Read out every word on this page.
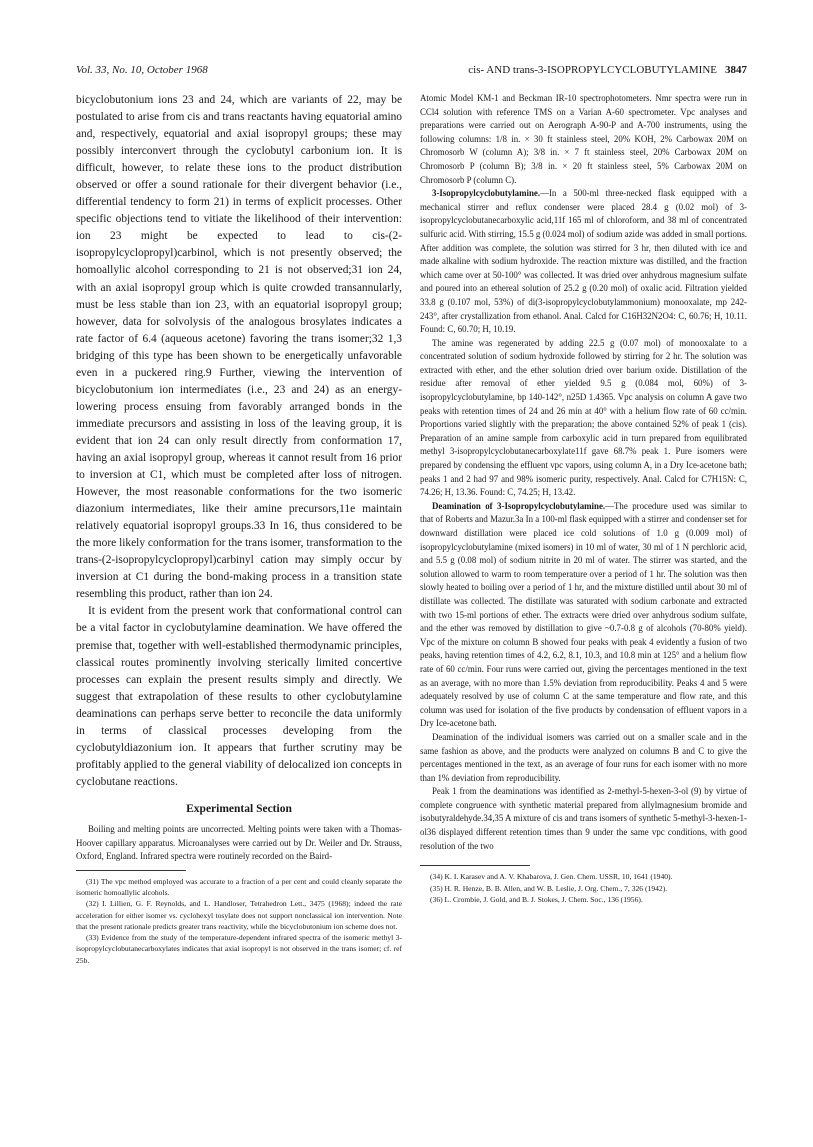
Vol. 33, No. 10, October 1968	cis- AND trans-3-ISOPROPYLCYCLOBUTYLAMINE 3847

bicyclobutonium ions 23 and 24, which are variants of 22, may be postulated to arise from cis and trans reactants having equatorial amino and, respectively, equatorial and axial isopropyl groups; these may possibly interconvert through the cyclobutyl carbonium ion. It is difficult, however, to relate these ions to the product distribution observed or offer a sound rationale for their divergent behavior (i.e., differential tendency to form 21) in terms of explicit processes. Other specific objections tend to vitiate the likelihood of their intervention: ion 23 might be expected to lead to cis-(2-isopropylcyclopropyl)carbinol, which is not presently observed; the homoallylic alcohol corresponding to 21 is not observed;31 ion 24, with an axial isopropyl group which is quite crowded transannularly, must be less stable than ion 23, with an equatorial isopropyl group; however, data for solvolysis of the analogous brosylates indicates a rate factor of 6.4 (aqueous acetone) favoring the trans isomer;32 1,3 bridging of this type has been shown to be energetically unfavorable even in a puckered ring.9 Further, viewing the intervention of bicyclobutonium ion intermediates (i.e., 23 and 24) as an energy-lowering process ensuing from favorably arranged bonds in the immediate precursors and assisting in loss of the leaving group, it is evident that ion 24 can only result directly from conformation 17, having an axial isopropyl group, whereas it cannot result from 16 prior to inversion at C1, which must be completed after loss of nitrogen. However, the most reasonable conformations for the two isomeric diazonium intermediates, like their amine precursors,11e maintain relatively equatorial isopropyl groups.33 In 16, thus considered to be the more likely conformation for the trans isomer, transformation to the trans-(2-isopropylcyclopropyl)carbinyl cation may simply occur by inversion at C1 during the bond-making process in a transition state resembling this product, rather than ion 24.

It is evident from the present work that conformational control can be a vital factor in cyclobutylamine deamination. We have offered the premise that, together with well-established thermodynamic principles, classical routes prominently involving sterically limited concertive processes can explain the present results simply and directly. We suggest that extrapolation of these results to other cyclobutylamine deaminations can perhaps serve better to reconcile the data uniformly in terms of classical processes developing from the cyclobutyldiazonium ion. It appears that further scrutiny may be profitably applied to the general viability of delocalized ion concepts in cyclobutane reactions.

Experimental Section

Boiling and melting points are uncorrected. Melting points were taken with a Thomas-Hoover capillary apparatus. Microanalyses were carried out by Dr. Weiler and Dr. Strauss, Oxford, England. Infrared spectra were routinely recorded on the Baird-

(31) The vpc method employed was accurate to a fraction of a per cent and could cleanly separate the isomeric homoallylic alcohols.

(32) I. Lillien, G. F. Reynolds, and L. Handloser, Tetrahedron Lett., 3475 (1968); indeed the rate acceleration for either isomer vs. cyclohexyl tosylate does not support nonclassical ion intervention. Note that the present rationale predicts greater trans reactivity, while the bicyclobutonium ion scheme does not.

(33) Evidence from the study of the temperature-dependent infrared spectra of the isomeric methyl 3-isopropylcyclobutanecarboxylates indicates that axial isopropyl is not observed in the trans isomer; cf. ref 25b.

Atomic Model KM-1 and Beckman IR-10 spectrophotometers. Nmr spectra were run in CCl4 solution with reference TMS on a Varian A-60 spectrometer. Vpc analyses and preparations were carried out on Aerograph A-90-P and A-700 instruments, using the following columns: 1/8 in. × 30 ft stainless steel, 20% KOH, 2% Carbowax 20M on Chromosorb W (column A); 3/8 in. × 7 ft stainless steel, 20% Carbowax 20M on Chromosorb P (column B); 3/8 in. × 20 ft stainless steel, 5% Carbowax 20M on Chromosorb P (column C).

3-Isopropylcyclobutylamine.—In a 500-ml three-necked flask equipped with a mechanical stirrer and reflux condenser were placed 28.4 g (0.02 mol) of 3-isopropylcyclobutanecarboxylic acid,11f 165 ml of chloroform, and 38 ml of concentrated sulfuric acid. With stirring, 15.5 g (0.024 mol) of sodium azide was added in small portions. After addition was complete, the solution was stirred for 3 hr, then diluted with ice and made alkaline with sodium hydroxide. The reaction mixture was distilled, and the fraction which came over at 50-100° was collected. It was dried over anhydrous magnesium sulfate and poured into an ethereal solution of 25.2 g (0.20 mol) of oxalic acid. Filtration yielded 33.8 g (0.107 mol, 53%) of di(3-isopropylcyclobutylammonium) monooxalate, mp 242-243°, after crystallization from ethanol. Anal. Calcd for C16H32N2O4: C, 60.76; H, 10.11. Found: C, 60.70; H, 10.19.

The amine was regenerated by adding 22.5 g (0.07 mol) of monooxalate to a concentrated solution of sodium hydroxide followed by stirring for 2 hr. The solution was extracted with ether, and the ether solution dried over barium oxide. Distillation of the residue after removal of ether yielded 9.5 g (0.084 mol, 60%) of 3-isopropylcyclobutylamine, bp 140-142°, n25D 1.4365. Vpc analysis on column A gave two peaks with retention times of 24 and 26 min at 40° with a helium flow rate of 60 cc/min. Proportions varied slightly with the preparation; the above contained 52% of peak 1 (cis). Preparation of an amine sample from carboxylic acid in turn prepared from equilibrated methyl 3-isopropylcyclobutanecarboxylate11f gave 68.7% peak 1. Pure isomers were prepared by condensing the effluent vpc vapors, using column A, in a Dry Ice-acetone bath; peaks 1 and 2 had 97 and 98% isomeric purity, respectively. Anal. Calcd for C7H15N: C, 74.26; H, 13.36. Found: C, 74.25; H, 13.42.

Deamination of 3-Isopropylcyclobutylamine.—The procedure used was similar to that of Roberts and Mazur.3a In a 100-ml flask equipped with a stirrer and condenser set for downward distillation were placed ice cold solutions of 1.0 g (0.009 mol) of isopropylcyclobutylamine (mixed isomers) in 10 ml of water, 30 ml of 1 N perchloric acid, and 5.5 g (0.08 mol) of sodium nitrite in 20 ml of water. The stirrer was started, and the solution allowed to warm to room temperature over a period of 1 hr. The solution was then slowly heated to boiling over a period of 1 hr, and the mixture distilled until about 30 ml of distillate was collected. The distillate was saturated with sodium carbonate and extracted with two 15-ml portions of ether. The extracts were dried over anhydrous sodium sulfate, and the ether was removed by distillation to give ~0.7-0.8 g of alcohols (70-80% yield). Vpc of the mixture on column B showed four peaks with peak 4 evidently a fusion of two peaks, having retention times of 4.2, 6.2, 8.1, 10.3, and 10.8 min at 125° and a helium flow rate of 60 cc/min. Four runs were carried out, giving the percentages mentioned in the text as an average, with no more than 1.5% deviation from reproducibility. Peaks 4 and 5 were adequately resolved by use of column C at the same temperature and flow rate, and this column was used for isolation of the five products by condensation of effluent vapors in a Dry Ice-acetone bath.

Deamination of the individual isomers was carried out on a smaller scale and in the same fashion as above, and the products were analyzed on columns B and C to give the percentages mentioned in the text, as an average of four runs for each isomer with no more than 1% deviation from reproducibility.

Peak 1 from the deaminations was identified as 2-methyl-5-hexen-3-ol (9) by virtue of complete congruence with synthetic material prepared from allylmagnesium bromide and isobutyraldehyde.34,35 A mixture of cis and trans isomers of synthetic 5-methyl-3-hexen-1-ol36 displayed different retention times than 9 under the same vpc conditions, with good resolution of the two

(34) K. I. Karasev and A. V. Khabarova, J. Gen. Chem. USSR, 10, 1641 (1940).

(35) H. R. Henze, B. B. Allen, and W. B. Leslie, J. Org. Chem., 7, 326 (1942).

(36) L. Crombie, J. Gold, and B. J. Stokes, J. Chem. Soc., 136 (1956).
